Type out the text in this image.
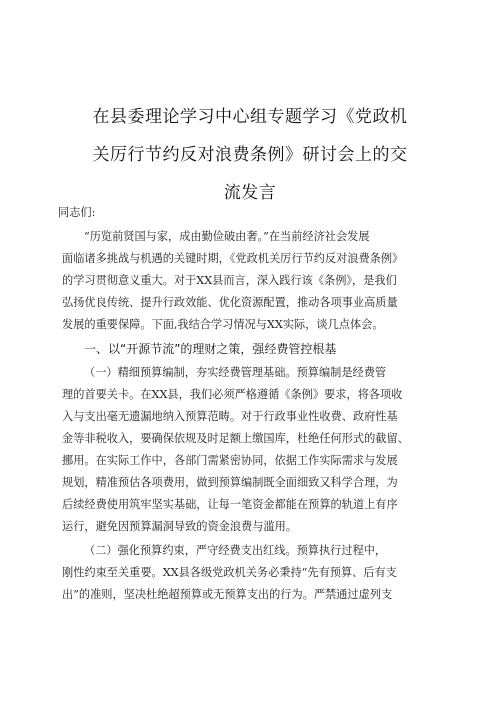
在县委理论学习中心组专题学习《党政机
关厉行节约反对浪费条例》研讨会上的交
流发言
同志们:
“历览前贤国与家，成由勤俭破由奢。”在当前经济社会发展
面临诸多挑战与机遇的关键时期，《党政机关厉行节约反对浪费条例》
的学习贯彻意义重大。对于XX县而言，深入践行该《条例》，是我们
弘扬优良传统、提升行政效能、优化资源配置，推动各项事业高质量
发展的重要保障。下面,我结合学习情况与XX实际，谈几点体会。
一、以“开源节流”的理财之策，强经费管控根基
（一）精细预算编制，夯实经费管理基础。预算编制是经费管
理的首要关卡。在XX县，我们必须严格遵循《条例》要求，将各项收
入与支出毫无遗漏地纳入预算范畴。对于行政事业性收费、政府性基
金等非税收入，要确保依规及时足额上缴国库，杜绝任何形式的截留、
挪用。在实际工作中，各部门需紧密协同，依据工作实际需求与发展
规划，精准预估各项费用，做到预算编制既全面细致又科学合理，为
后续经费使用筑牢坚实基础，让每一笔资金都能在预算的轨道上有序
运行，避免因预算漏洞导致的资金浪费与滥用。
（二）强化预算约束，严守经费支出红线。预算执行过程中，
刚性约束至关重要。XX县各级党政机关务必秉持“先有预算、后有支
出”的准则，坚决杜绝超预算或无预算支出的行为。严禁通过虚列支
